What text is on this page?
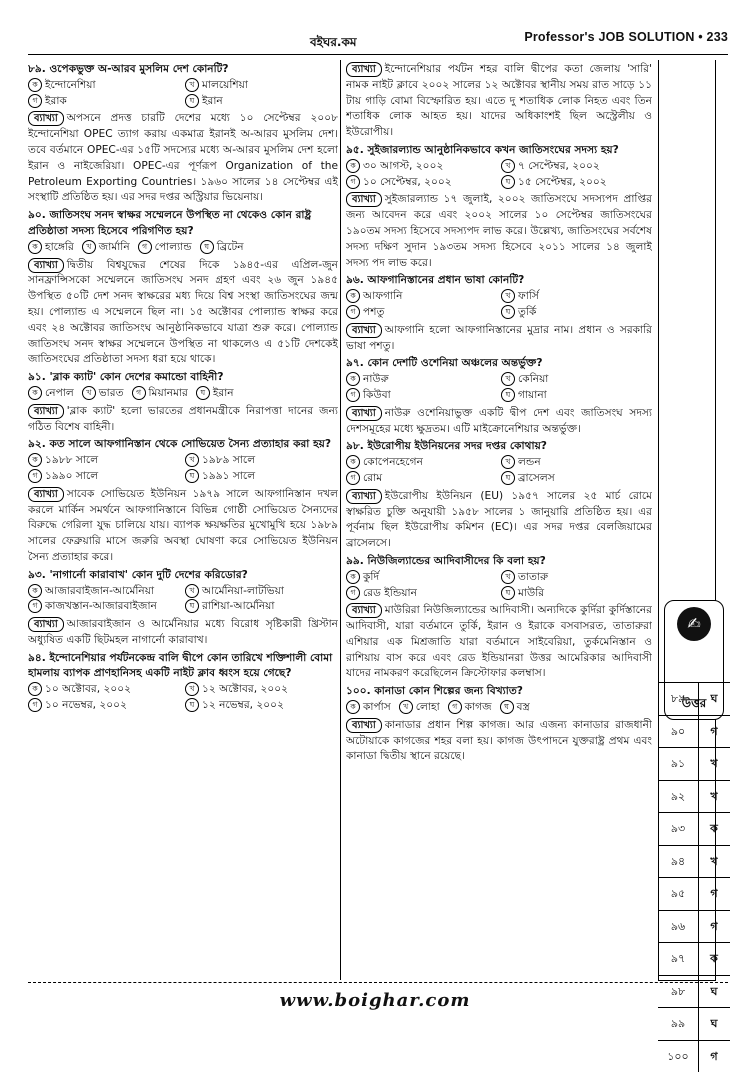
বইঘর.কম	Professor's JOB SOLUTION • 233
৮৯. ওপেকভুক্ত অ-আরব মুসলিম দেশ কোনটি?
ক ইন্দোনেশিয়া	খ মালয়েশিয়া
গ ইরাক	ঘ ইরান
ব্যাখ্যা অপসনে প্রদত্ত চারটি দেশের মধ্যে ১০ সেপ্টেম্বর ২০০৮ ইন্দোনেশিয়া OPEC ত্যাগ করায় একমাত্র ইরানই অ-আরব মুসলিম দেশ। তবে বর্তমানে OPEC-এর ১৫টি সদস্যের মধ্যে অ-আরব মুসলিম দেশ হলো ইরান ও নাইজেরিয়া। OPEC-এর পূর্ণরূপ Organization of the Petroleum Exporting Countries। ১৯৬০ সালের ১৪ সেপ্টেম্বর এই সংস্থাটি প্রতিষ্ঠিত হয়। এর সদর দপ্তর অস্ট্রিয়ার ভিয়েনায়।
৯০. জাতিসংঘ সনদ স্বাক্ষর সম্মেলনে উপস্থিত না থেকেও কোন রাষ্ট্র প্রতিষ্ঠাতা সদস্য হিসেবে পরিগণিত হয়?
ক হাঙ্গেরি	খ জার্মানি	গ পোল্যান্ড	ঘ ব্রিটেন
ব্যাখ্যা দ্বিতীয় বিশ্বযুদ্ধের শেষের দিকে ১৯৪৫-এর এপ্রিল-জুন সানফ্রান্সিসকো সম্মেলনে জাতিসংঘ সনদ গ্রহণ এবং ২৬ জুন ১৯৪৫ উপস্থিত ৫০টি দেশ সনদ স্বাক্ষরের মধ্য দিয়ে বিশ্ব সংস্থা জাতিসংঘের জন্ম হয়। পোল্যান্ড এ সম্মেলনে ছিল না। ১৫ অক্টোবর পোল্যান্ড স্বাক্ষর করে এবং ২৪ অক্টোবর জাতিসংঘ আনুষ্ঠানিকভাবে যাত্রা শুরু করে। পোল্যান্ড জাতিসংঘ সনদ স্বাক্ষর সম্মেলনে উপস্থিত না থাকলেও এ ৫১টি দেশকেই জাতিসংঘের প্রতিষ্ঠাতা সদস্য ধরা হয়ে থাকে।
৯১. 'ব্লাক ক্যাট' কোন দেশের কমান্ডো বাহিনী?
ক নেপাল	খ ভারত	গ মিয়ানমার	ঘ ইরান
ব্যাখ্যা 'ব্লাক ক্যাট' হলো ভারতের প্রধানমন্ত্রীকে নিরাপত্তা দানের জন্য গঠিত বিশেষ বাহিনী।
৯২. কত সালে আফগানিস্তান থেকে সোভিয়েত সৈন্য প্রত্যাহার করা হয়?
ক ১৯৮৮ সালে	খ ১৯৮৯ সালে
গ ১৯৯০ সালে	ঘ ১৯৯১ সালে
ব্যাখ্যা সাবেক সোভিয়েত ইউনিয়ন ১৯৭৯ সালে আফগানিস্তান দখল করলে মার্কিন সমর্থনে আফগানিস্তানে বিভিন্ন গোষ্ঠী সোভিয়েত সৈন্যদের বিরুদ্ধে গেরিলা যুদ্ধ চালিয়ে যায়। ব্যাপক ক্ষয়ক্ষতির মুখোমুখি হয়ে ১৯৮৯ সালের ফেব্রুয়ারি মাসে জরুরি অবস্থা ঘোষণা করে সোভিয়েত ইউনিয়ন সৈন্য প্রত্যাহার করে।
৯৩. 'নাগার্নো কারাবাখ' কোন দুটি দেশের করিডোর?
ক আজারবাইজান-আর্মেনিয়া	খ আর্মেনিয়া-লাটভিয়া
গ কাজখস্তান-আজারবাইজান	ঘ রাশিয়া-আর্মেনিয়া
ব্যাখ্যা আজারবাইজান ও আর্মেনিয়ার মধ্যে বিরোধ সৃষ্টিকারী খ্রিস্টান অধ্যুষিত একটি ছিটমহল নাগার্নো কারাবাখ।
৯৪. ইন্দোনেশিয়ার পর্যটনকেন্দ্র বালি দ্বীপে কোন তারিখে শক্তিশালী বোমা হামলায় ব্যাপক প্রাণহানিসহ একটি নাইট ক্লাব ধ্বংস হয়ে গেছে?
ক ১০ অক্টোবর, ২০০২	খ ১২ অক্টোবর, ২০০২
গ ১০ নভেম্বর, ২০০২	ঘ ১২ নভেম্বর, ২০০২
ব্যাখ্যা ইন্দোনেশিয়ার পর্যটন শহর বালি দ্বীপের কতা জেলায় 'সারি' নামক নাইট ক্লাবে ২০০২ সালের ১২ অক্টোবর স্থানীয় সময় রাত সাড়ে ১১ টায় গাড়ি বোমা বিস্ফোরিত হয়। এতে দু শতাধিক লোক নিহত এবং তিন শতাধিক লোক আহত হয়। যাদের অধিকাংশই ছিল অস্ট্রেলীয় ও ইউরোপীয়।
৯৫. সুইজারল্যান্ড আনুষ্ঠানিকভাবে কখন জাতিসংঘের সদস্য হয়?
ক ৩০ আগস্ট, ২০০২	খ ৭ সেপ্টেম্বর, ২০০২
গ ১০ সেপ্টেম্বর, ২০০২	ঘ ১৫ সেপ্টেম্বর, ২০০২
ব্যাখ্যা সুইজারল্যান্ড ১৭ জুলাই, ২০০২ জাতিসংঘে সদস্যপদ প্রাপ্তির জন্য আবেদন করে এবং ২০০২ সালের ১০ সেপ্টেম্বর জাতিসংঘের ১৯০তম সদস্য হিসেবে সদস্যপদ লাভ করে। উল্লেখ্য, জাতিসংঘের সর্বশেষ সদস্য দক্ষিণ সুদান ১৯৩তম সদস্য হিসেবে ২০১১ সালের ১৪ জুলাই সদস্য পদ লাভ করে।
৯৬. আফগানিস্তানের প্রধান ভাষা কোনটি?
ক আফগানি	খ ফার্সি
গ পশতু	ঘ তুর্কি
ব্যাখ্যা আফগানি হলো আফগানিস্তানের মুদ্রার নাম। প্রধান ও সরকারি ভাষা পশতু।
৯৭. কোন দেশটি ওশেনিয়া অঞ্চলের অন্তর্ভুক্ত?
ক নাউরু	খ কেনিয়া
গ কিউবা	ঘ গায়ানা
ব্যাখ্যা নাউরু ওশেনিয়াভুক্ত একটি দ্বীপ দেশ এবং জাতিসংঘ সদস্য দেশসমূহের মধ্যে ক্ষুদ্রতম। এটি মাইক্রোনেশিয়ার অন্তর্ভুক্ত।
৯৮. ইউরোপীয় ইউনিয়নের সদর দপ্তর কোথায়?
ক কোপেনহেগেন	খ লন্ডন
গ রোম	ঘ ব্রাসেলস
ব্যাখ্যা ইউরোপীয় ইউনিয়ন (EU) ১৯৫৭ সালের ২৫ মার্চ রোমে স্বাক্ষরিত চুক্তি অনুযায়ী ১৯৫৮ সালের ১ জানুয়ারি প্রতিষ্ঠিত হয়। এর পূর্বনাম ছিল ইউরোপীয় কমিশন (EC)। এর সদর দপ্তর বেলজিয়ামের ব্রাসেলসে।
৯৯. নিউজিল্যান্ডের আদিবাসীদের কি বলা হয়?
ক কুর্দি	খ তাতারু
গ রেড ইন্ডিয়ান	ঘ মাউরি
ব্যাখ্যা মাউরিরা নিউজিল্যান্ডের আদিবাসী। অন্যদিকে কুর্দিরা কুর্দিস্তানের আদিবাসী, যারা বর্তমানে তুর্কি, ইরান ও ইরাকে বসবাসরত, তাতারুরা এশিয়ার এক মিশ্রজাতি যারা বর্তমানে সাইবেরিয়া, তুর্কমেনিস্তান ও রাশিয়ায় বাস করে এবং রেড ইন্ডিয়ানরা উত্তর আমেরিকার আদিবাসী যাদের নামকরণ করেছিলেন ক্রিস্টোফার কলম্বাস।
১০০. কানাডা কোন শিল্পের জন্য বিখ্যাত?
ক কার্পাস	খ লোহা	গ কাগজ	ঘ বস্ত্র
ব্যাখ্যা কানাডার প্রধান শিল্প কাগজ। আর এজন্য কানাডার রাজধানী অটোয়াকে কাগজের শহর বলা হয়। কাগজ উৎপাদনে যুক্তরাষ্ট্র প্রথম এবং কানাডা দ্বিতীয় স্থানে রয়েছে।
✍
উত্তর
৮৯	ঘ
৯০	গ
৯১	খ
৯২	খ
৯৩	ক
৯৪	খ
৯৫	গ
৯৬	গ
৯৭	ক
৯৮	ঘ
৯৯	ঘ
১০০	গ
www.boighar.com
